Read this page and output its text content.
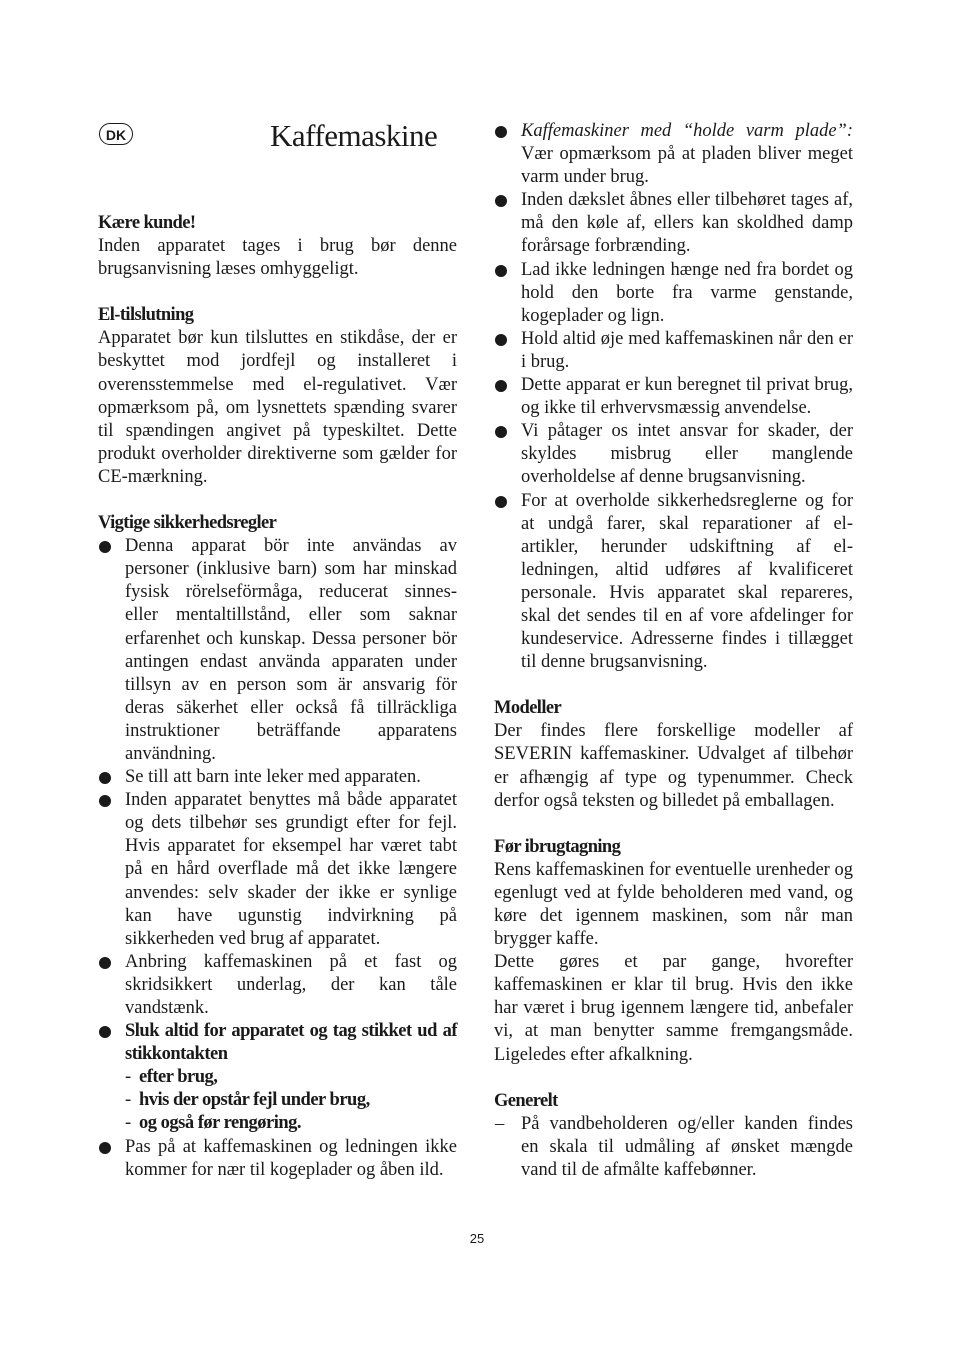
DK

Kære kunde!

Inden apparatet tages i brug bør denne brugsanvisning læses omhyggeligt.

El-tilslutning

Apparatet bør kun tilsluttes en stikdåse, der er beskyttet mod jordfejl og installeret i overensstemmelse med el-regulativet. Vær opmærksom på, om lysnettets spænding svarer til spændingen angivet på typeskiltet. Dette produkt overholder direktiverne som gælder for CE-mærkning.

Vigtige sikkerhedsregler

Denna apparat bör inte användas av personer (inklusive barn) som har minskad fysisk rörelseförmåga, reducerat sinnes- eller mentaltillstånd, eller som saknar erfarenhet och kunskap. Dessa personer bör antingen endast använda apparaten under tillsyn av en person som är ansvarig för deras säkerhet eller också få tillräckliga instruktioner beträffande apparatens användning.
Se till att barn inte leker med apparaten.
Inden apparatet benyttes må både apparatet og dets tilbehør ses grundigt efter for fejl. Hvis apparatet for eksempel har været tabt på en hård overflade må det ikke længere anvendes: selv skader der ikke er synlige kan have ugunstig indvirkning på sikkerheden ved brug af apparatet.
Anbring kaffemaskinen på et fast og skridsikkert underlag, der kan tåle vandstænk.
Sluk altid for apparatet og tag stikket ud af stikkontakten
- efter brug,
- hvis der opstår fejl under brug,
- og også før rengøring.
Pas på at kaffemaskinen og ledningen ikke kommer for nær til kogeplader og åben ild.
Kaffemaskine	Kaffemaskiner med “holde varm plade”: Vær opmærksom på at pladen bliver meget varm under brug.
Inden dækslet åbnes eller tilbehøret tages af, må den køle af, ellers kan skoldhed damp forårsage forbrænding.
Lad ikke ledningen hænge ned fra bordet og hold den borte fra varme genstande, kogeplader og lign.
Hold altid øje med kaffemaskinen når den er i brug.
Dette apparat er kun beregnet til privat brug, og ikke til erhvervsmæssig anvendelse.
Vi påtager os intet ansvar for skader, der skyldes misbrug eller manglende overholdelse af denne brugsanvisning.
For at overholde sikkerhedsreglerne og for at undgå farer, skal reparationer af el-artikler, herunder udskiftning af el-ledningen, altid udføres af kvalificeret personale. Hvis apparatet skal repareres, skal det sendes til en af vore afdelinger for kundeservice. Adresserne findes i tillægget til denne brugsanvisning.

Modeller

Der findes flere forskellige modeller af SEVERIN kaffemaskiner. Udvalget af tilbehør er afhængig af type og typenummer. Check derfor også teksten og billedet på emballagen.

Før ibrugtagning

Rens kaffemaskinen for eventuelle urenheder og egenlugt ved at fylde beholderen med vand, og køre det igennem maskinen, som når man brygger kaffe.

Dette gøres et par gange, hvorefter kaffemaskinen er klar til brug. Hvis den ikke har været i brug igennem længere tid, anbefaler vi, at man benytter samme fremgangsmåde. Ligeledes efter afkalkning.

Generelt

– På vandbeholderen og/eller kanden findes en skala til udmåling af ønsket mængde vand til de afmålte kaffebønner.
25
